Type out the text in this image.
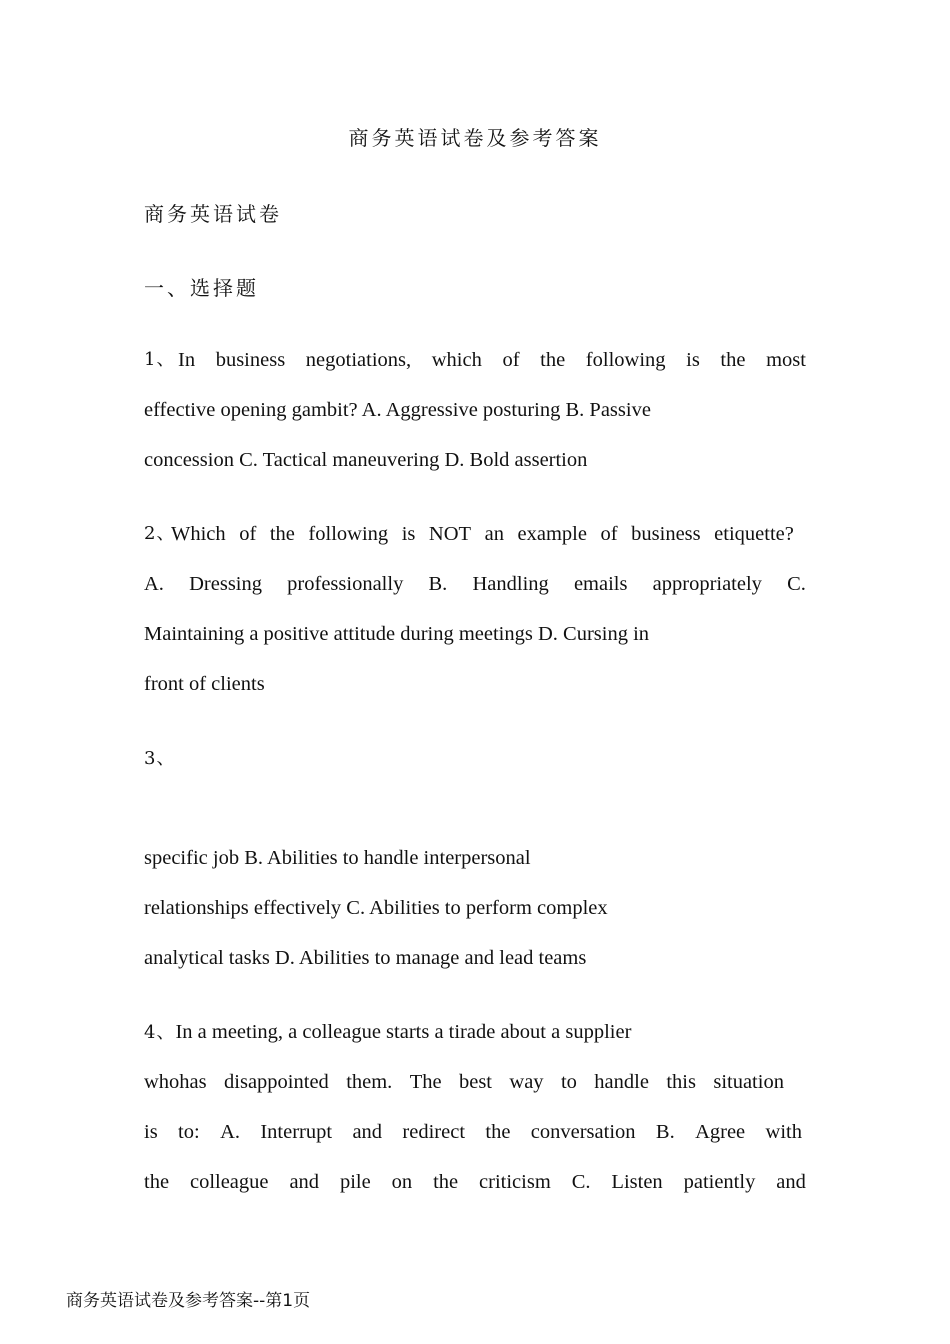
商务英语试卷及参考答案
商务英语试卷
一、选择题
1、 In business negotiations, which of the following is the most
effective opening gambit? A. Aggressive posturing B. Passive
concession C. Tactical maneuvering D. Bold assertion
2、
Which of the following is NOT an example of business etiquette?
A. Dressing professionally B. Handling emails appropriately C.
Maintaining a positive attitude during meetings D. Cursing in
front of clients
3、
specific job B. Abilities to handle interpersonal
relationships effectively C. Abilities to perform complex
analytical tasks D. Abilities to manage and lead teams
4、In a meeting, a colleague starts a tirade about a supplier
whohas disappointed them. The best way to handle this situation
is to: A. Interrupt and redirect the conversation B. Agree with
the colleague and pile on the criticism C. Listen patiently and
商务英语试卷及参考答案--第1页
